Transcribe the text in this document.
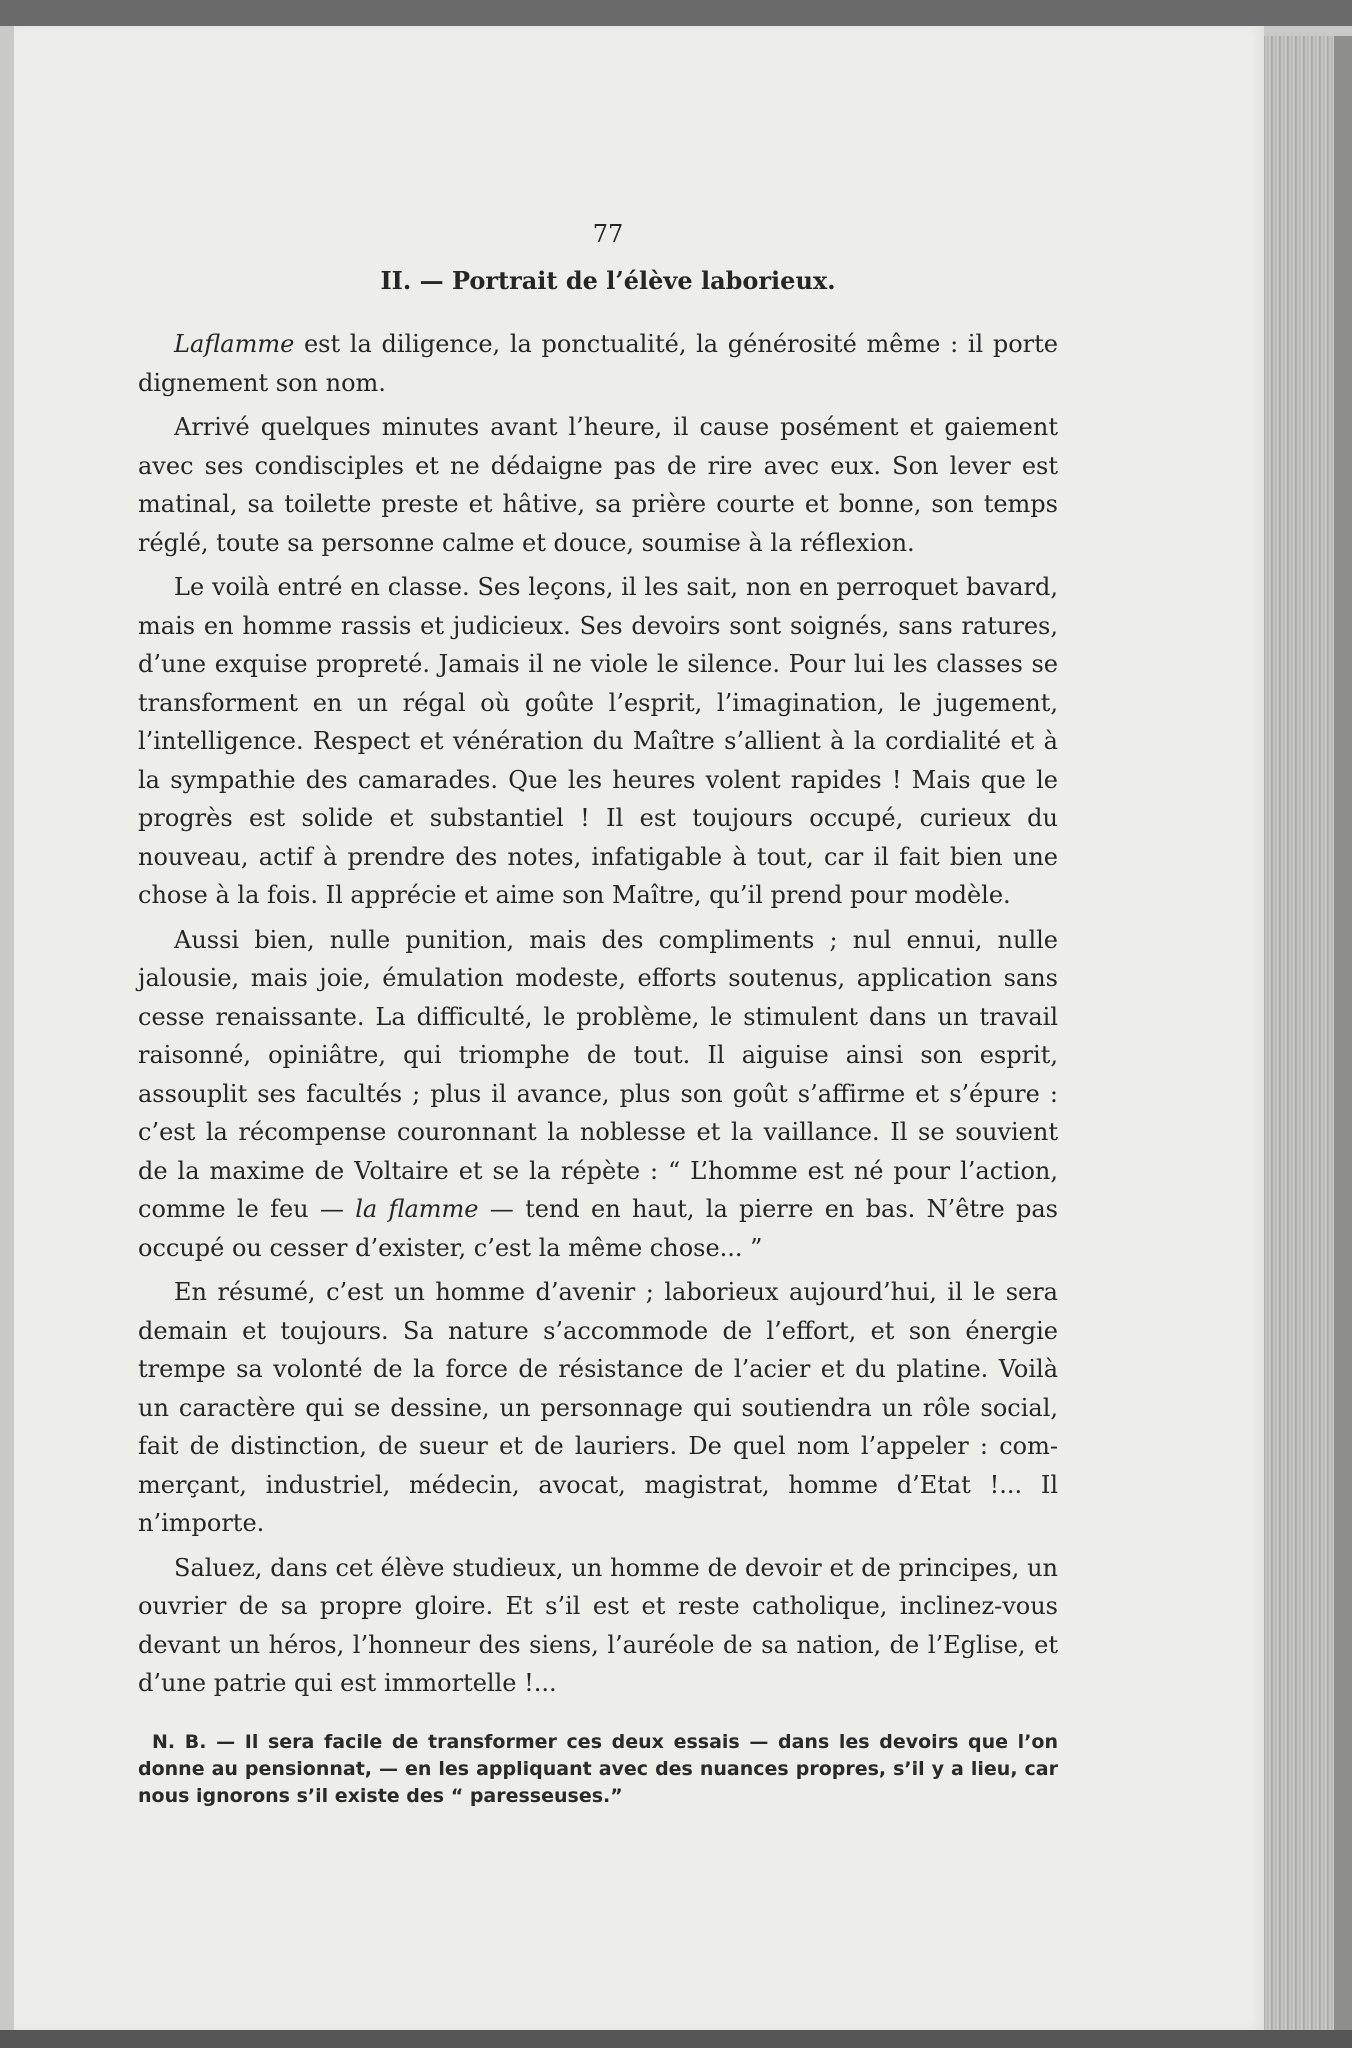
77
II. — Portrait de l’élève laborieux.

Laflamme est la diligence, la ponctualité, la générosité même : il porte dignement son nom.

Arrivé quelques minutes avant l’heure, il cause posément et gaiement avec ses condisciples et ne dédaigne pas de rire avec eux. Son lever est matinal, sa toilette preste et hâtive, sa prière courte et bonne, son temps réglé, toute sa personne calme et douce, soumise à la réflexion.

Le voilà entré en classe. Ses leçons, il les sait, non en perroquet bavard, mais en homme rassis et judicieux. Ses devoirs sont soignés, sans ratures, d’une exquise propreté. Jamais il ne viole le silence. Pour lui les classes se transforment en un régal où goûte l’esprit, l’imagination, le jugement, l’intelligence. Respect et vénération du Maître s’allient à la cordialité et à la sympathie des camarades. Que les heures volent rapides ! Mais que le progrès est solide et substantiel ! Il est toujours occupé, curieux du nouveau, actif à prendre des notes, infatigable à tout, car il fait bien une chose à la fois. Il apprécie et aime son Maître, qu’il prend pour modèle.

Aussi bien, nulle punition, mais des compliments ; nul ennui, nulle jalousie, mais joie, émulation modeste, efforts soutenus, application sans cesse renaissante. La difficulté, le problème, le stimulent dans un travail raisonné, opiniâtre, qui triomphe de tout. Il aiguise ainsi son esprit, assouplit ses facultés ; plus il avance, plus son goût s’affirme et s’épure : c’est la récompense couronnant la noblesse et la vaillance. Il se souvient de la maxime de Voltaire et se la répète : “ L’homme est né pour l’action, comme le feu — la flamme — tend en haut, la pierre en bas. N’être pas occupé ou cesser d’exister, c’est la même chose... ”

En résumé, c’est un homme d’avenir ; laborieux aujourd’hui, il le sera demain et toujours. Sa nature s’accommode de l’effort, et son énergie trempe sa volonté de la force de résistance de l’acier et du platine. Voilà un caractère qui se dessine, un personnage qui soutiendra un rôle social, fait de distinction, de sueur et de lauriers. De quel nom l’appeler : commerçant, industriel, médecin, avocat, magistrat, homme d’Etat !... Il n’importe.

Saluez, dans cet élève studieux, un homme de devoir et de principes, un ouvrier de sa propre gloire. Et s’il est et reste catholique, inclinez-vous devant un héros, l’honneur des siens, l’auréole de sa nation, de l’Eglise, et d’une patrie qui est immortelle !...

N. B. — Il sera facile de transformer ces deux essais — dans les devoirs que l’on donne au pensionnat, — en les appliquant avec des nuances propres, s’il y a lieu, car nous ignorons s’il existe des “ paresseuses.”
